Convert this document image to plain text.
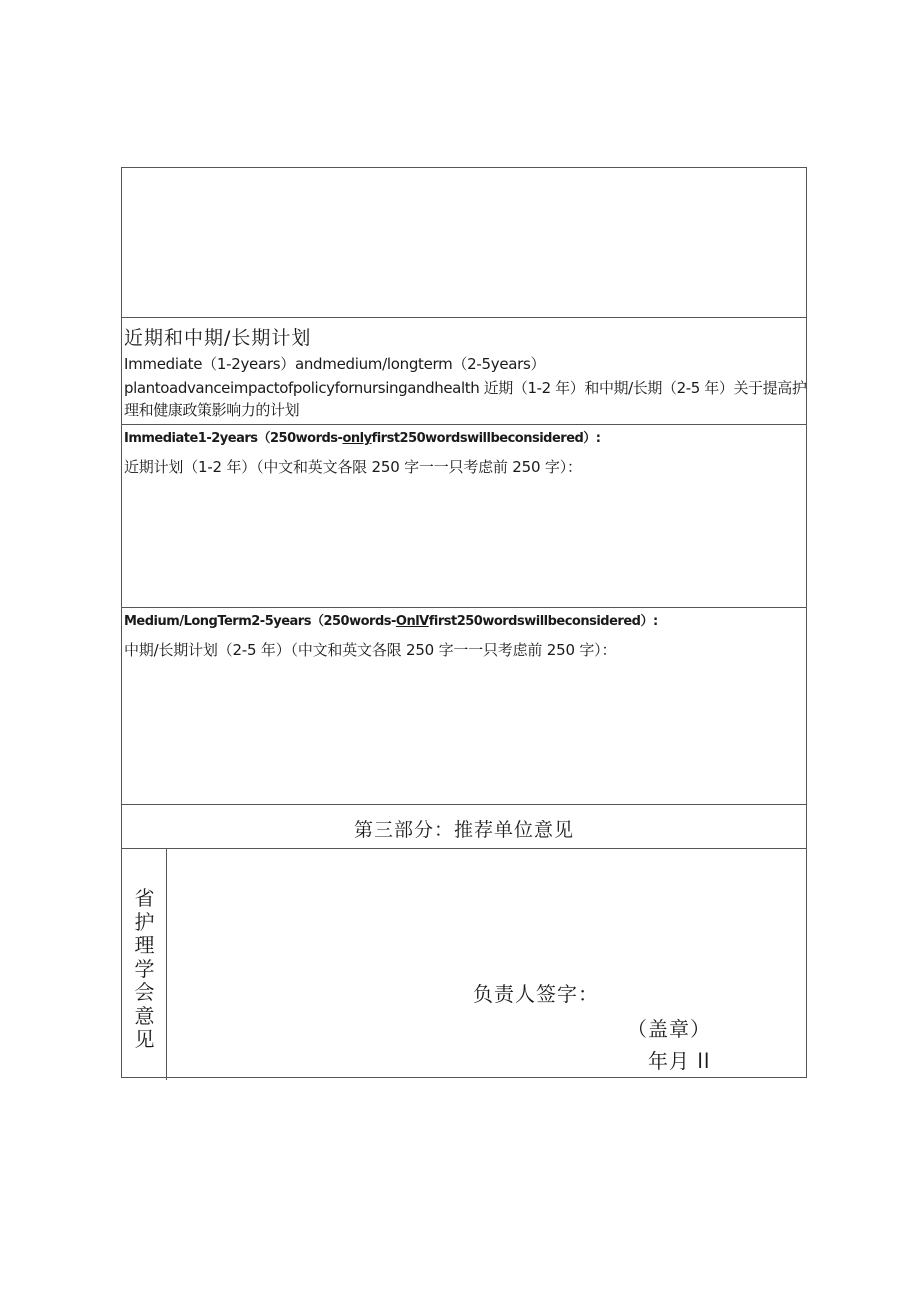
近期和中期/长期计划
Immediate（1-2years）andmedium/longterm（2-5years）
plantoadvanceimpactofpolicyfornursingandhealth 近期（1-2 年）和中期/长期（2-5 年）关于提高护理和健康政策影响力的计划
Immediate1-2years（250words-onlyfirst250wordswillbeconsidered）:
近期计划（1-2 年）（中文和英文各限 250 字一一只考虑前 250 字）：
Medium/LongTerm2-5years（250words-OnlVfirst250wordswillbeconsidered）:
中期/长期计划（2-5 年）（中文和英文各限 250 字一一只考虑前 250 字）：
第三部分：推荐单位意见
省
护
理
学
会
意
见
负责人签字：
（盖章）
年月 ll
